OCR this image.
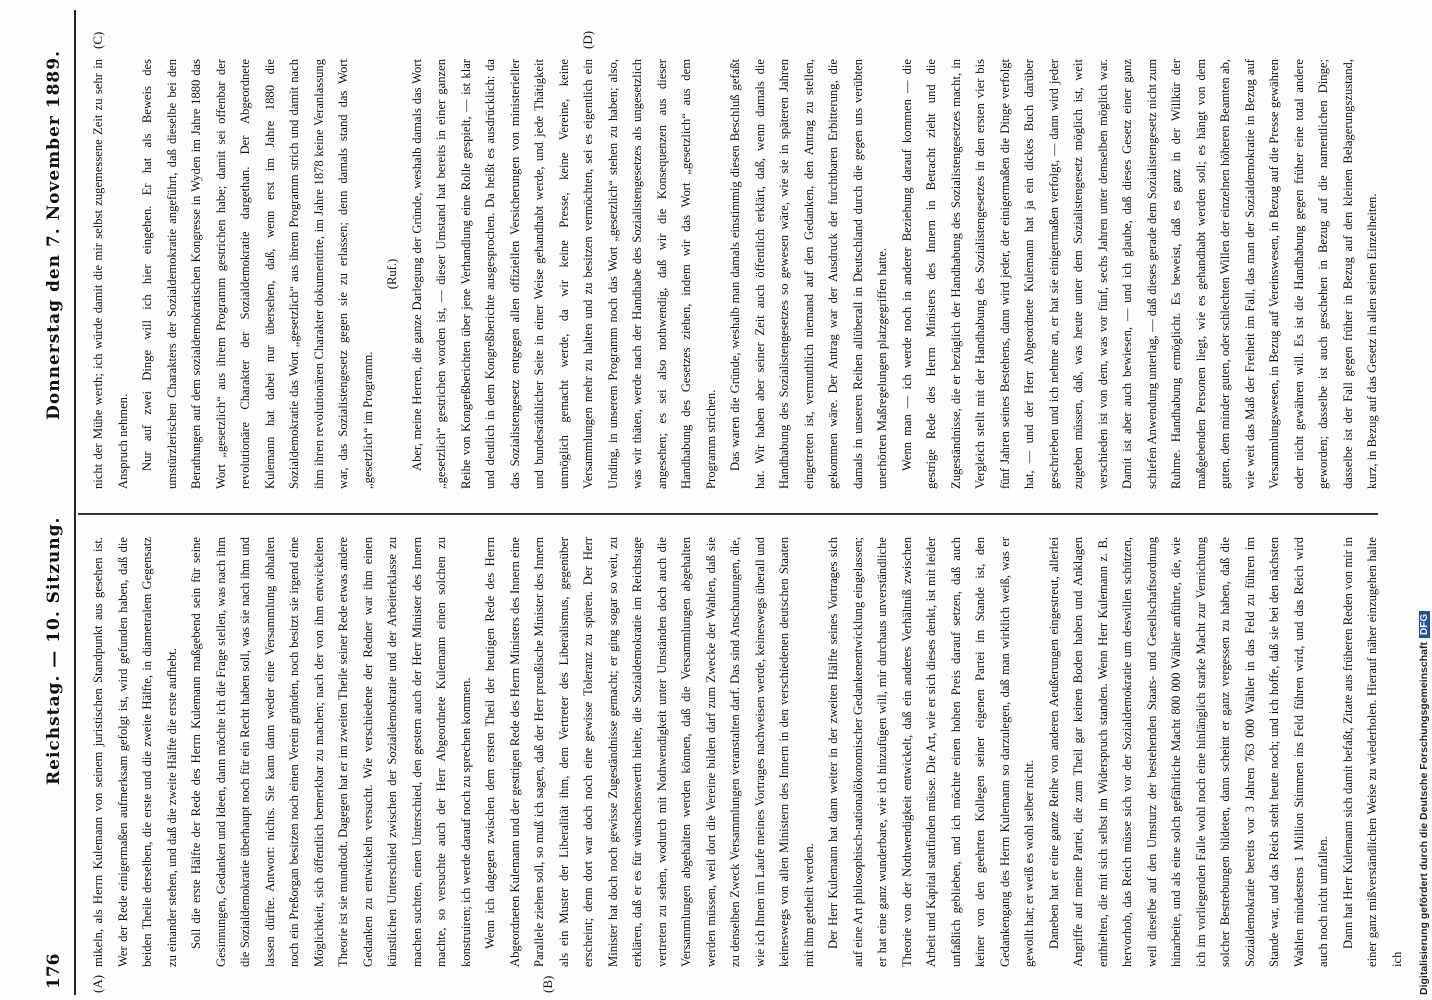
176
Reichstag. — 10. Sitzung.
Donnerstag den 7. November 1889.
(A)	(B)
(C)	(D)

mikeln, als Herrn Kulemann von seinem juristischen Standpunkt aus gesehen ist. Wer der Rede einigermaßen aufmerksam gefolgt ist, wird gefunden haben, daß die beiden Theile derselben, die erste und die zweite Hälfte, in diametralem Gegensatz zu einander stehen, und daß die zweite Hälfte die erste aufhebt. Soll die erste Hälfte der Rede des Herrn Kulemann maßgebend sein für seine Gesinnungen, Gedanken und Ideen, dann möchte ich die Frage stellen, was nach ihm die Sozialdemokratie überhaupt noch für ein Recht haben soll, was sie nach ihm und lassen dürfte. Antwort: nichts. Sie kann dann weder eine Versammlung abhalten noch ein Preßorgan besitzen noch einen Verein gründen, noch besitzt sie irgend eine Möglichkeit, sich öffentlich bemerkbar zu machen; nach der von ihm entwickelten Theorie ist sie mundtodt. Dagegen hat er im zweiten Theile seiner Rede etwas andere Gedanken zu entwickeln versucht. Wie verschiedene der Redner war ihm einen künstlichen Unterschied zwischen der Sozialdemokratie und der Arbeiterklasse zu machen suchten, einen Unterschied, den gestern auch der Herr Minister des Innern machte, so versuchte auch der Herr Abgeordnete Kulemann einen solchen zu konstruiren; ich werde darauf noch zu sprechen kommen. Wenn ich dagegen zwischen dem ersten Theil der heutigen Rede des Herrn Abgeordneten Kulemann und der gestrigen Rede des Herrn Ministers des Innern eine Parallele ziehen soll, so muß ich sagen, daß der Herr preußische Minister des Innern als ein Muster der Liberalität ihm, dem Vertreter des Liberalismus, gegenüber erscheint; denn dort war doch noch eine gewisse Toleranz zu spüren. Der Herr Minister hat doch noch gewisse Zugeständnisse gemacht; er ging sogar so weit, zu erklären, daß er es für wünschenswerth hielte, die Sozialdemokratie im Reichstage vertreten zu sehen, wodurch mit Nothwendigkeit unter Umständen doch auch die Versammlungen abgehalten werden können, daß die Versammlungen abgehalten werden müssen, weil dort die Vereine bilden darf zum Zwecke der Wahlen, daß sie zu denselben Zweck Versammlungen veranstalten darf. Das sind Anschauungen, die, wie ich Ihnen im Laufe meines Vortrages nachweisen werde, keineswegs überall und keineswegs von allen Ministern des Innern in den verschiedenen deutschen Staaten mit ihm getheilt werden. Der Herr Kulemann hat dann weiter in der zweiten Hälfte seines Vortrages sich auf eine Art philosophisch-nationalökonomischer Gedankenentwicklung eingelassen; er hat eine ganz wunderbare, wie ich hinzufügen will, mir durchaus unverständliche Theorie von der Nothwendigkeit entwickelt, daß ein anderes Verhältniß zwischen Arbeit und Kapital stattfinden müsse. Die Art, wie er sich dieses denkt, ist mit leider unfaßlich geblieben, und ich möchte einen hohen Preis darauf setzen, daß auch keiner von den geehrten Kollegen seiner eigenen Partei im Stande ist, den Gedankengang des Herrn Kulemann so darzulegen, daß man wirklich weiß, was er gewollt hat; er weiß es wohl selber nicht. Daneben hat er eine ganze Reihe von anderen Aeußerungen eingestreut, allerlei Angriffe auf meine Partei, die zum Theil gar keinen Boden haben und Anklagen enthielten, die mit sich selbst im Widerspruch standen. Wenn Herr Kulemann z. B. hervorhob, das Reich müsse sich vor der Sozialdemokratie um deswillen schützen, weil dieselbe auf den Umsturz der bestehenden Staats- und Gesellschaftsordnung hinarbeite, und als eine solch gefährliche Macht 800 000 Wähler anführte, die, wie ich im vorliegenden Falle wohl noch eine hinlänglich starke Macht zur Vernichtung solcher Bestrebungen bildeten, dann scheint er ganz vergessen zu haben, daß die Sozialdemokratie bereits vor 3 Jahren 763 000 Wähler in das Feld zu führen im Stande war, und das Reich steht heute noch; und ich hoffe, daß sie bei den nächsten Wahlen mindestens 1 Million Stimmen ins Feld führen wird, und das Reich wird auch noch nicht umfallen. Dann hat Herr Kulemann sich damit befaßt, Zitate aus früheren Reden von mir in einer ganz mißverständlichen Weise zu wiederholen. Hierauf näher einzugehen halte ich

nicht der Mühe werth; ich würde damit die mir selbst zugemessene Zeit zu sehr in Anspruch nehmen. Nur auf zwei Dinge will ich hier eingehen. Er hat als Beweis des umstürzlerischen Charakters der Sozialdemokratie angeführt, daß dieselbe bei den Berathungen auf dem sozialdemokratischen Kongresse in Wyden im Jahre 1880 das Wort „gesetzlich“ aus ihrem Programm gestrichen habe; damit sei offenbar der revolutionäre Charakter der Sozialdemokratie dargethan. Der Abgeordnete Kulemann hat dabei nur übersehen, daß, wenn erst im Jahre 1880 die Sozialdemokratie das Wort „gesetzlich“ aus ihrem Programm strich und damit nach ihm ihren revolutionären Charakter dokumentirte, im Jahre 1878 keine Veranlassung war, das Sozialistengesetz gegen sie zu erlassen; denn damals stand das Wort „gesetzlich“ im Programm.

(Ruf.) Aber, meine Herren, die ganze Darlegung der Gründe, weshalb damals das Wort „gesetzlich“ gestrichen worden ist, — dieser Umstand hat bereits in einer ganzen Reihe von Kongreßberichten über jene Verhandlung eine Rolle gespielt, — ist klar und deutlich in dem Kongreßberichte ausgesprochen. Da heißt es ausdrücklich: da das Sozialistengesetz entgegen allen offiziellen Versicherungen von ministerieller und bundesräthlicher Seite in einer Weise gehandhabt werde, und jede Thätigkeit unmöglich gemacht werde, da wir keine Presse, keine Vereine, keine Versammlungen mehr zu halten und zu besitzen vermöchten, sei es eigentlich ein Unding, in unserem Programm noch das Wort „gesetzlich“ stehen zu haben; also, was wir thäten, werde nach der Handhabe des Sozialistengesetzes als ungesetzlich angesehen; es sei also nothwendig, daß wir die Konsequenzen aus dieser Handhabung des Gesetzes ziehen, indem wir das Wort „gesetzlich“ aus dem Programm strichen. Das waren die Gründe, weshalb man damals einstimmig diesen Beschluß gefaßt hat. Wir haben aber seiner Zeit auch öffentlich erklärt, daß, wenn damals die Handhabung des Sozialistengesetzes so gewesen wäre, wie sie in späteren Jahren eingetreten ist, vermuthlich niemand auf den Gedanken, den Antrag zu stellen, gekommen wäre. Der Antrag war der Ausdruck der furchtbaren Erbitterung, die damals in unseren Reihen allüberall in Deutschland durch die gegen uns verübten unerhörten Maßregelungen platzgegriffen hatte. Wenn man — ich werde noch in anderer Beziehung darauf kommen — die gestrige Rede des Herrn Ministers des Innern in Betracht zieht und die Zugeständnisse, die er bezüglich der Handhabung des Sozialistengesetzes macht, in Vergleich stellt mit der Handhabung des Sozialistengesetzes in den ersten vier bis fünf Jahren seines Bestehens, dann wird jeder, der einigermaßen die Dinge verfolgt hat, — und der Herr Abgeordnete Kulemann hat ja ein dickes Buch darüber geschrieben und ich nehme an, er hat sie einigermaßen verfolgt, — dann wird jeder zugeben müssen, daß, was heute unter dem Sozialistengesetz möglich ist, weit verschieden ist von dem, was vor fünf, sechs Jahren unter demselben möglich war. Damit ist aber auch bewiesen, — und ich glaube, daß dieses Gesetz einer ganz schiefen Anwendung unterlag, — daß dieses gerade dem Sozialistengesetz nicht zum Ruhme. Handhabung ermöglicht. Es beweist, daß es ganz in der Willkür der maßgebenden Personen liegt, wie es gehandhabt werden soll; es hängt von dem guten, dem minder guten, oder schlechten Willen der einzelnen höheren Beamten ab, wie weit das Maß der Freiheit im Fall, das man der Sozialdemokratie in Bezug auf Versammlungswesen, in Bezug auf Vereinswesen, in Bezug auf die Presse gewähren oder nicht gewähren will. Es ist die Handhabung gegen früher eine total andere geworden; dasselbe ist auch geschehen in Bezug auf die namentlichen Dinge; dasselbe ist der Fall gegen früher in Bezug auf den kleinen Belagerungszustand, kurz, in Bezug auf das Gesetz in allen seinen Einzelheiten.

Digitalisierung gefördert durch die Deutsche ForschungsgemeinschaftDFG
